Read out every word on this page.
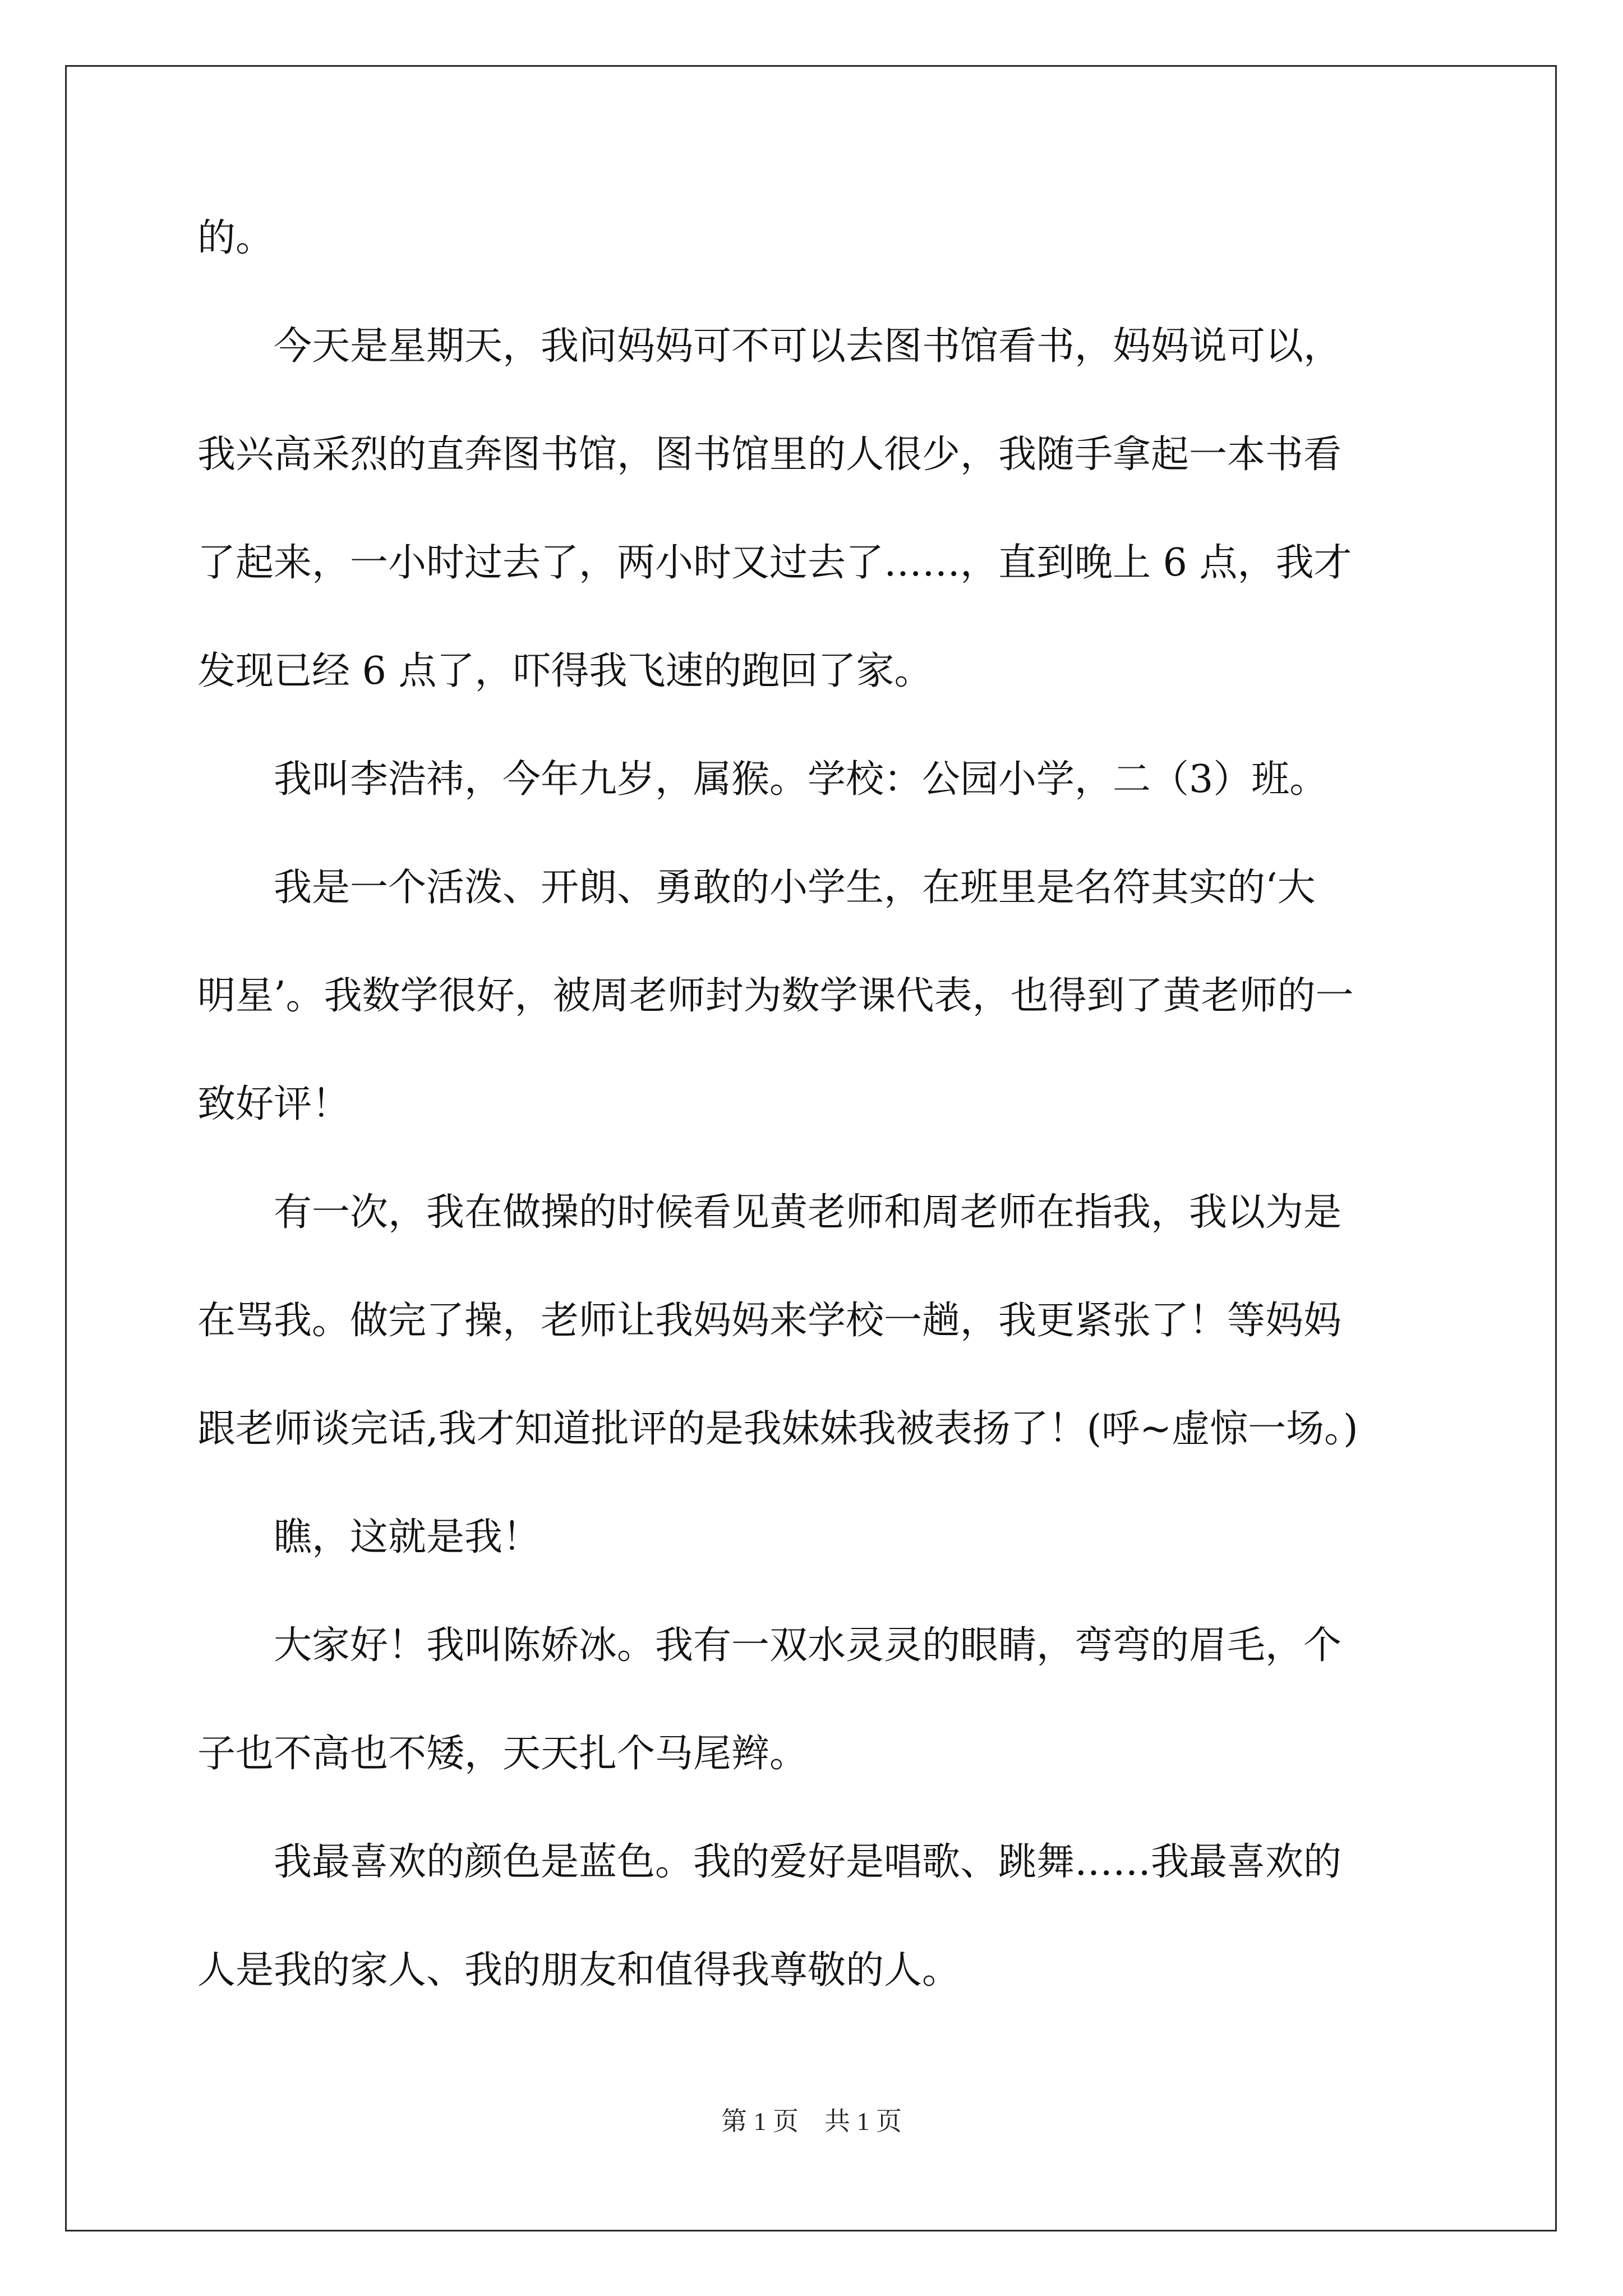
的。
　　今天是星期天，我问妈妈可不可以去图书馆看书，妈妈说可以，
我兴高采烈的直奔图书馆，图书馆里的人很少，我随手拿起一本书看
了起来，一小时过去了，两小时又过去了……，直到晚上 6 点，我才
发现已经 6 点了，吓得我飞速的跑回了家。
　　我叫李浩祎，今年九岁，属猴。学校：公园小学，二（3）班。
　　我是一个活泼、开朗、勇敢的小学生，在班里是名符其实的‘大
明星’。我数学很好，被周老师封为数学课代表，也得到了黄老师的一
致好评！
　　有一次，我在做操的时候看见黄老师和周老师在指我，我以为是
在骂我。做完了操，老师让我妈妈来学校一趟，我更紧张了！等妈妈
跟老师谈完话,我才知道批评的是我妹妹我被表扬了！(呼~虚惊一场。)
　　瞧，这就是我！
　　大家好！我叫陈娇冰。我有一双水灵灵的眼睛，弯弯的眉毛，个
子也不高也不矮，天天扎个马尾辫。
　　我最喜欢的颜色是蓝色。我的爱好是唱歌、跳舞……我最喜欢的
人是我的家人、我的朋友和值得我尊敬的人。
第 1 页　共 1 页
